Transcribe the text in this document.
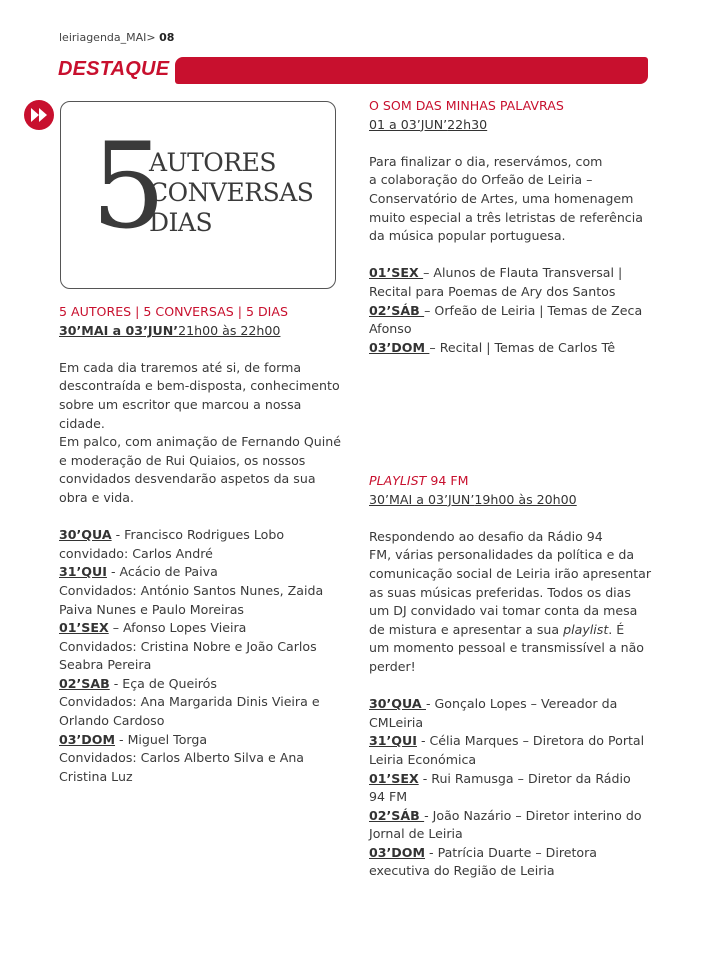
leiriagenda_MAI> 08
DESTAQUE
5
AUTORES
CONVERSAS
DIAS

5 AUTORES | 5 CONVERSAS | 5 DIAS

30’MAI a 03’JUN’21h00 às 22h00

Em cada dia traremos até si, de forma

descontraída e bem-disposta, conhecimento

sobre um escritor que marcou a nossa

cidade.

Em palco, com animação de Fernando Quiné

e moderação de Rui Quiaios, os nossos

convidados desvendarão aspetos da sua

obra e vida.

30’QUA - Francisco Rodrigues Lobo

convidado: Carlos André

31’QUI - Acácio de Paiva

Convidados: António Santos Nunes, Zaida

Paiva Nunes e Paulo Moreiras

01’SEX – Afonso Lopes Vieira

Convidados: Cristina Nobre e João Carlos

Seabra Pereira

02’SAB - Eça de Queirós

Convidados: Ana Margarida Dinis Vieira e

Orlando Cardoso

03’DOM - Miguel Torga

Convidados: Carlos Alberto Silva e Ana

Cristina Luz

O SOM DAS MINHAS PALAVRAS

01 a 03’JUN’22h30

Para finalizar o dia, reservámos, com

a colaboração do Orfeão de Leiria –

Conservatório de Artes, uma homenagem

muito especial a três letristas de referência

da música popular portuguesa.

01’SEX – Alunos de Flauta Transversal |

Recital para Poemas de Ary dos Santos

02’SÁB – Orfeão de Leiria | Temas de Zeca

Afonso

03’DOM – Recital | Temas de Carlos Tê

PLAYLIST 94 FM

30’MAI a 03’JUN’19h00 às 20h00

Respondendo ao desafio da Rádio 94

FM, várias personalidades da política e da

comunicação social de Leiria irão apresentar

as suas músicas preferidas. Todos os dias

um DJ convidado vai tomar conta da mesa

de mistura e apresentar a sua playlist. É

um momento pessoal e transmissível a não

perder!

30’QUA - Gonçalo Lopes – Vereador da

CMLeiria

31’QUI - Célia Marques – Diretora do Portal

Leiria Económica

01’SEX - Rui Ramusga – Diretor da Rádio

94 FM

02’SÁB - João Nazário – Diretor interino do

Jornal de Leiria

03’DOM - Patrícia Duarte – Diretora

executiva do Região de Leiria
